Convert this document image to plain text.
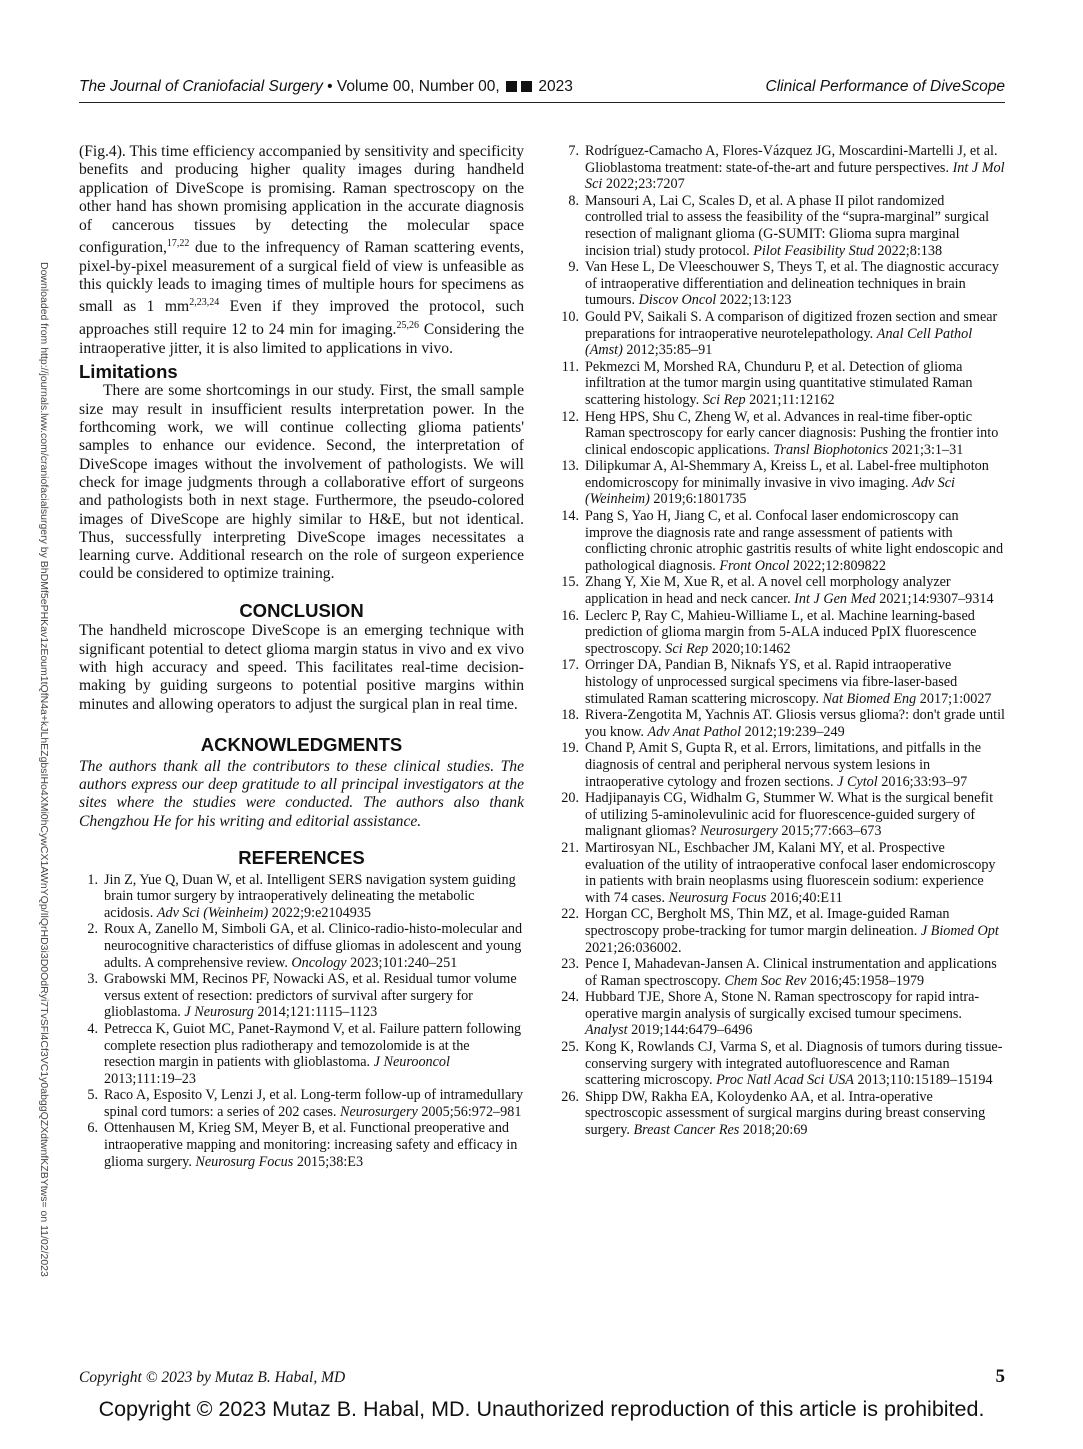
The Journal of Craniofacial Surgery • Volume 00, Number 00, 2023	Clinical Performance of DiveScope
Downloaded from http://journals.lww.com/craniofacialsurgery by BhDMf5ePHKav1zEoum1tQfN4a+kJLhEZgbsIHo4XMi0hCywCX1AWnYQp/IlQrHD3i3D0OdRyi7TvSFl4Cf3VC1y0abggQZXdtwnfKZBYtws= on 11/02/2023

(Fig.4). This time efficiency accompanied by sensitivity and specificity benefits and producing higher quality images during handheld application of DiveScope is promising. Raman spectroscopy on the other hand has shown promising application in the accurate diagnosis of cancerous tissues by detecting the molecular space configuration,$^{17,22}$ due to the infrequency of Raman scattering events, pixel-by-pixel measurement of a surgical field of view is unfeasible as this quickly leads to imaging times of multiple hours for specimens as small as 1 mm$^{2,23,24}$ Even if they improved the protocol, such approaches still require 12 to 24 min for imaging.$^{25,26}$ Considering the intraoperative jitter, it is also limited to applications in vivo.

Limitations

There are some shortcomings in our study. First, the small sample size may result in insufficient results interpretation power. In the forthcoming work, we will continue collecting glioma patients' samples to enhance our evidence. Second, the interpretation of DiveScope images without the involvement of pathologists. We will check for image judgments through a collaborative effort of surgeons and pathologists both in next stage. Furthermore, the pseudo-colored images of DiveScope are highly similar to H&E, but not identical. Thus, successfully interpreting DiveScope images necessitates a learning curve. Additional research on the role of surgeon experience could be considered to optimize training.

CONCLUSION

The handheld microscope DiveScope is an emerging technique with significant potential to detect glioma margin status in vivo and ex vivo with high accuracy and speed. This facilitates real-time decision-making by guiding surgeons to potential positive margins within minutes and allowing operators to adjust the surgical plan in real time.

ACKNOWLEDGMENTS

The authors thank all the contributors to these clinical studies. The authors express our deep gratitude to all principal investigators at the sites where the studies were conducted. The authors also thank Chengzhou He for his writing and editorial assistance.

REFERENCES
1. Jin Z, Yue Q, Duan W, et al. Intelligent SERS navigation system guiding brain tumor surgery by intraoperatively delineating the metabolic acidosis. Adv Sci (Weinheim) 2022;9:e2104935
2. Roux A, Zanello M, Simboli GA, et al. Clinico-radio-histo-molecular and neurocognitive characteristics of diffuse gliomas in adolescent and young adults. A comprehensive review. Oncology 2023;101:240–251
3. Grabowski MM, Recinos PF, Nowacki AS, et al. Residual tumor volume versus extent of resection: predictors of survival after surgery for glioblastoma. J Neurosurg 2014;121:1115–1123
4. Petrecca K, Guiot MC, Panet-Raymond V, et al. Failure pattern following complete resection plus radiotherapy and temozolomide is at the resection margin in patients with glioblastoma. J Neurooncol 2013;111:19–23
5. Raco A, Esposito V, Lenzi J, et al. Long-term follow-up of intramedullary spinal cord tumors: a series of 202 cases. Neurosurgery 2005;56:972–981
6. Ottenhausen M, Krieg SM, Meyer B, et al. Functional preoperative and intraoperative mapping and monitoring: increasing safety and efficacy in glioma surgery. Neurosurg Focus 2015;38:E3
7. Rodríguez-Camacho A, Flores-Vázquez JG, Moscardini-Martelli J, et al. Glioblastoma treatment: state-of-the-art and future perspectives. Int J Mol Sci 2022;23:7207
8. Mansouri A, Lai C, Scales D, et al. A phase II pilot randomized controlled trial to assess the feasibility of the “supra-marginal” surgical resection of malignant glioma (G-SUMIT: Glioma supra marginal incision trial) study protocol. Pilot Feasibility Stud 2022;8:138
9. Van Hese L, De Vleeschouwer S, Theys T, et al. The diagnostic accuracy of intraoperative differentiation and delineation techniques in brain tumours. Discov Oncol 2022;13:123
10. Gould PV, Saikali S. A comparison of digitized frozen section and smear preparations for intraoperative neurotelepathology. Anal Cell Pathol (Amst) 2012;35:85–91
11. Pekmezci M, Morshed RA, Chunduru P, et al. Detection of glioma infiltration at the tumor margin using quantitative stimulated Raman scattering histology. Sci Rep 2021;11:12162
12. Heng HPS, Shu C, Zheng W, et al. Advances in real-time fiber-optic Raman spectroscopy for early cancer diagnosis: Pushing the frontier into clinical endoscopic applications. Transl Biophotonics 2021;3:1–31
13. Dilipkumar A, Al-Shemmary A, Kreiss L, et al. Label-free multiphoton endomicroscopy for minimally invasive in vivo imaging. Adv Sci (Weinheim) 2019;6:1801735
14. Pang S, Yao H, Jiang C, et al. Confocal laser endomicroscopy can improve the diagnosis rate and range assessment of patients with conflicting chronic atrophic gastritis results of white light endoscopic and pathological diagnosis. Front Oncol 2022;12:809822
15. Zhang Y, Xie M, Xue R, et al. A novel cell morphology analyzer application in head and neck cancer. Int J Gen Med 2021;14:9307–9314
16. Leclerc P, Ray C, Mahieu-Williame L, et al. Machine learning-based prediction of glioma margin from 5-ALA induced PpIX fluorescence spectroscopy. Sci Rep 2020;10:1462
17. Orringer DA, Pandian B, Niknafs YS, et al. Rapid intraoperative histology of unprocessed surgical specimens via fibre-laser-based stimulated Raman scattering microscopy. Nat Biomed Eng 2017;1:0027
18. Rivera-Zengotita M, Yachnis AT. Gliosis versus glioma?: don't grade until you know. Adv Anat Pathol 2012;19:239–249
19. Chand P, Amit S, Gupta R, et al. Errors, limitations, and pitfalls in the diagnosis of central and peripheral nervous system lesions in intraoperative cytology and frozen sections. J Cytol 2016;33:93–97
20. Hadjipanayis CG, Widhalm G, Stummer W. What is the surgical benefit of utilizing 5-aminolevulinic acid for fluorescence-guided surgery of malignant gliomas? Neurosurgery 2015;77:663–673
21. Martirosyan NL, Eschbacher JM, Kalani MY, et al. Prospective evaluation of the utility of intraoperative confocal laser endomicroscopy in patients with brain neoplasms using fluorescein sodium: experience with 74 cases. Neurosurg Focus 2016;40:E11
22. Horgan CC, Bergholt MS, Thin MZ, et al. Image-guided Raman spectroscopy probe-tracking for tumor margin delineation. J Biomed Opt 2021;26:036002.
23. Pence I, Mahadevan-Jansen A. Clinical instrumentation and applications of Raman spectroscopy. Chem Soc Rev 2016;45:1958–1979
24. Hubbard TJE, Shore A, Stone N. Raman spectroscopy for rapid intra-operative margin analysis of surgically excised tumour specimens. Analyst 2019;144:6479–6496
25. Kong K, Rowlands CJ, Varma S, et al. Diagnosis of tumors during tissue-conserving surgery with integrated autofluorescence and Raman scattering microscopy. Proc Natl Acad Sci USA 2013;110:15189–15194
26. Shipp DW, Rakha EA, Koloydenko AA, et al. Intra-operative spectroscopic assessment of surgical margins during breast conserving surgery. Breast Cancer Res 2018;20:69
Copyright © 2023 by Mutaz B. Habal, MD	5
Copyright © 2023 Mutaz B. Habal, MD. Unauthorized reproduction of this article is prohibited.
